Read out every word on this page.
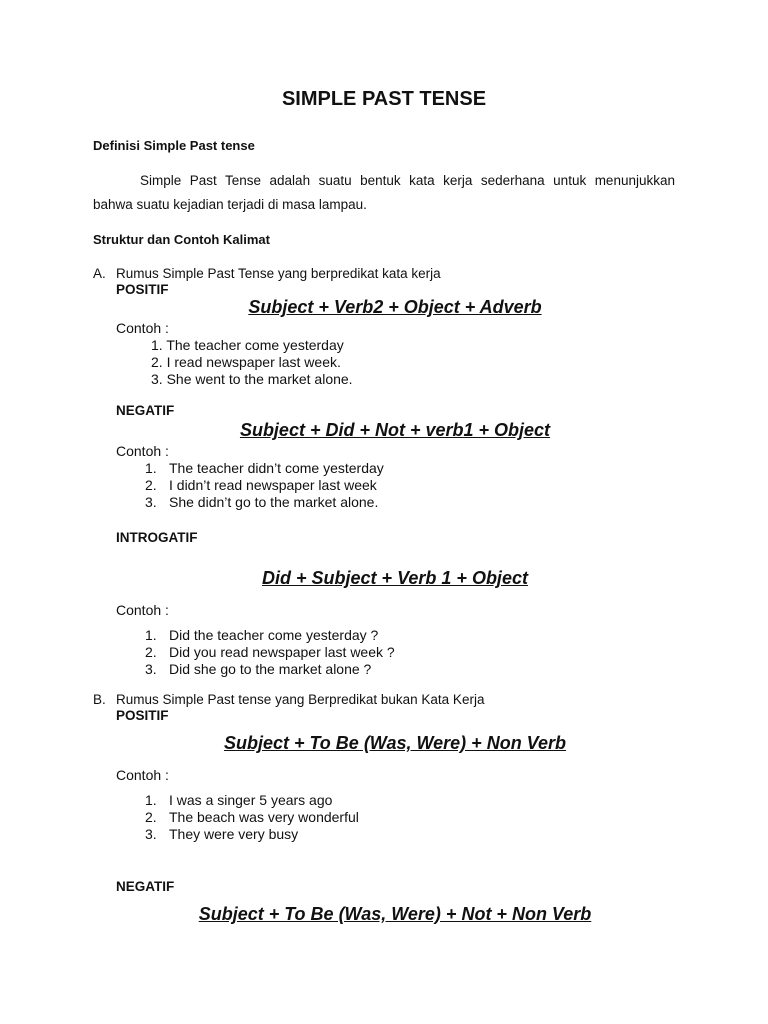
SIMPLE PAST TENSE
Definisi Simple Past tense
Simple Past Tense adalah suatu bentuk kata kerja sederhana untuk menunjukkan
bahwa suatu kejadian terjadi di masa lampau.
Struktur dan Contoh Kalimat
A. Rumus Simple Past Tense yang berpredikat kata kerja
POSITIF
Subject + Verb2 + Object + Adverb
Contoh :
1. The teacher come yesterday
2. I read newspaper last week.
3. She went to the market alone.
NEGATIF
Subject + Did + Not + verb1 + Object
Contoh :
1. The teacher didn’t come yesterday
2. I didn’t read newspaper last week
3. She didn’t go to the market alone.
INTROGATIF
Did + Subject + Verb 1 + Object
Contoh :
1. Did the teacher come yesterday ?
2. Did you read newspaper last week ?
3. Did she go to the market alone ?
B. Rumus Simple Past tense yang Berpredikat bukan Kata Kerja
POSITIF
Subject + To Be (Was, Were) + Non Verb
Contoh :
1. I was a singer 5 years ago
2. The beach was very wonderful
3. They were very busy
NEGATIF
Subject + To Be (Was, Were) + Not + Non Verb
